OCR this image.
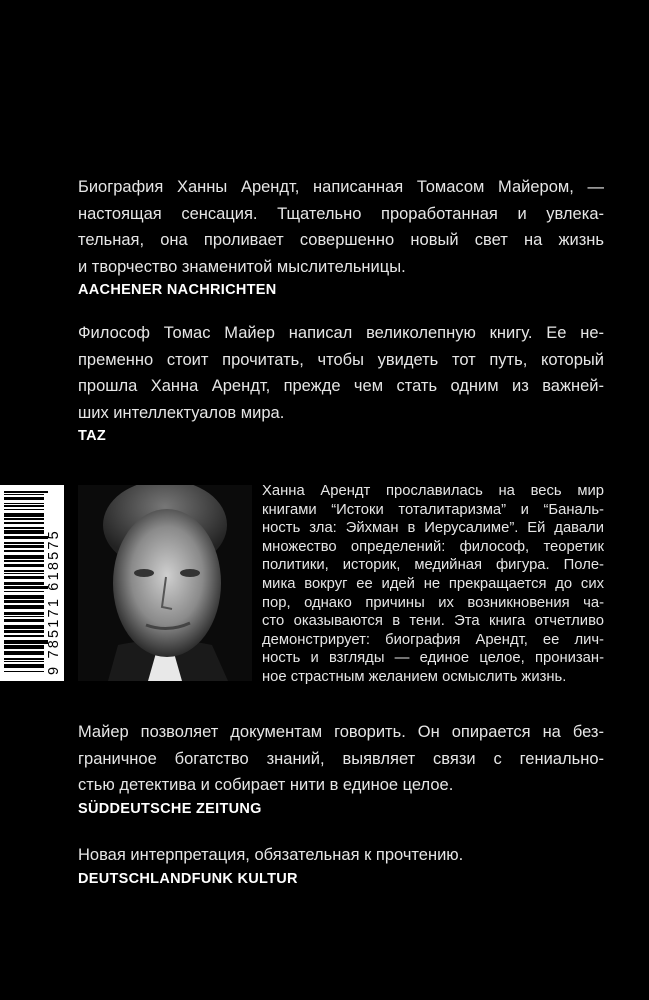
Биография Ханны Арендт, написанная Томасом Майером, —
настоящая сенсация. Тщательно проработанная и увлека-
тельная, она проливает совершенно новый свет на жизнь
и творчество знаменитой мыслительницы.
AACHENER NACHRICHTEN
Философ Томас Майер написал великолепную книгу. Ее не-
пременно стоит прочитать, чтобы увидеть тот путь, который
прошла Ханна Арендт, прежде чем стать одним из важней-
ших интеллектуалов мира.
TAZ
Майер позволяет документам говорить. Он опирается на без-
граничное богатство знаний, выявляет связи с гениально-
стью детектива и собирает нити в единое целое.
SÜDDEUTSCHE ZEITUNG
Новая интерпретация, обязательная к прочтению.
DEUTSCHLANDFUNK KULTUR
9 785171 618575
Ханна Арендт прославилась на весь мир
книгами “Истоки тоталитаризма” и “Баналь-
ность зла: Эйхман в Иерусалиме”. Ей давали
множество определений: философ, теоретик
политики, историк, медийная фигура. Поле-
мика вокруг ее идей не прекращается до сих
пор, однако причины их возникновения ча-
сто оказываются в тени. Эта книга отчетливо
демонстрирует: биография Арендт, ее лич-
ность и взгляды — единое целое, пронизан-
ное страстным желанием осмыслить жизнь.
